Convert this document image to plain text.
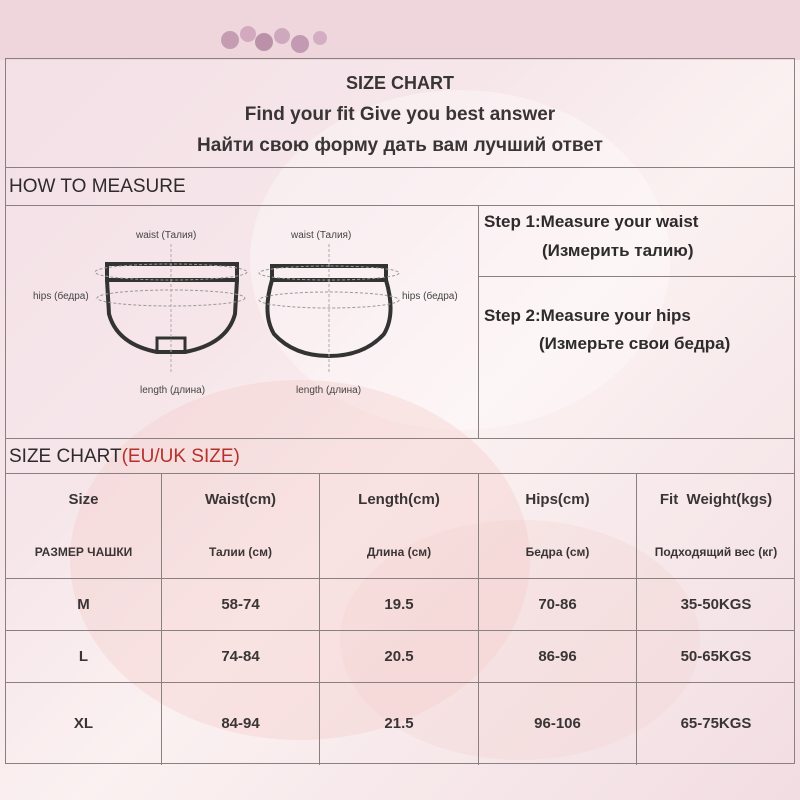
SIZE CHART
Find your fit Give you best answer
Найти свою форму дать вам лучший ответ
HOW TO MEASURE
Step 1:Measure your waist
(Измерить талию)
Step 2:Measure your hips
(Измерьте свои бедра)
waist (Талия)
hips (бедра)
length (длина)
waist (Талия)
hips (бедра)
length (длина)
SIZE CHART(EU/UK SIZE)
Size	Waist(cm)	Length(cm)	Hips(cm)	Fit  Weight(kgs)
РАЗМЕР ЧАШКИ	Талии (см)	Длина (см)	Бедра (см)	Подходящий вес (кг)
M	58-74	19.5	70-86	35-50KGS
L	74-84	20.5	86-96	50-65KGS
XL	84-94	21.5	96-106	65-75KGS
